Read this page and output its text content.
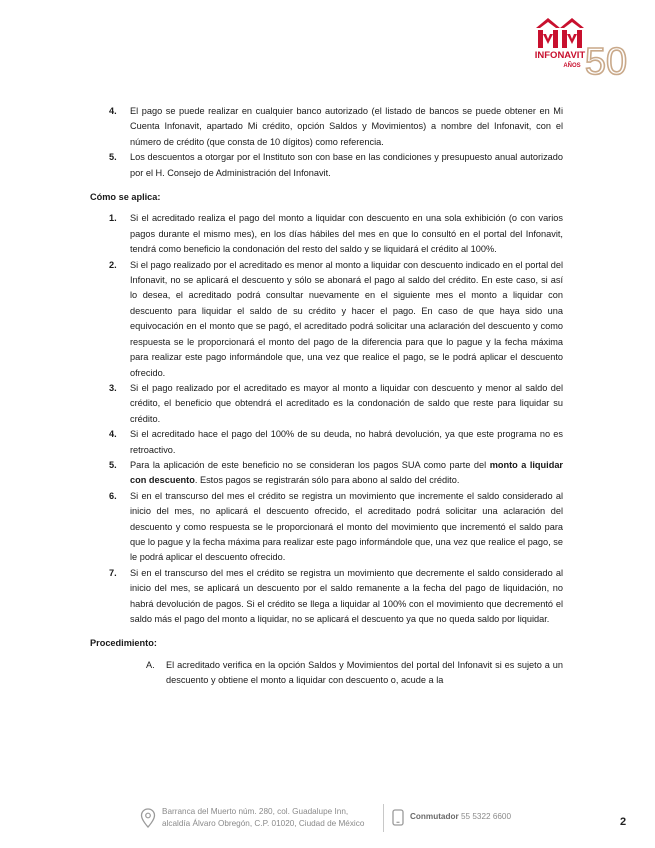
INFONAVIT
AÑOS 50
4. El pago se puede realizar en cualquier banco autorizado (el listado de bancos se puede obtener en Mi Cuenta Infonavit, apartado Mi crédito, opción Saldos y Movimientos) a nombre del Infonavit, con el número de crédito (que consta de 10 dígitos) como referencia.
5. Los descuentos a otorgar por el Instituto son con base en las condiciones y presupuesto anual autorizado por el H. Consejo de Administración del Infonavit.
Cómo se aplica:
1. Si el acreditado realiza el pago del monto a liquidar con descuento en una sola exhibición (o con varios pagos durante el mismo mes), en los días hábiles del mes en que lo consultó en el portal del Infonavit, tendrá como beneficio la condonación del resto del saldo y se liquidará el crédito al 100%.
2. Si el pago realizado por el acreditado es menor al monto a liquidar con descuento indicado en el portal del Infonavit, no se aplicará el descuento y sólo se abonará el pago al saldo del crédito. En este caso, si así lo desea, el acreditado podrá consultar nuevamente en el siguiente mes el monto a liquidar con descuento para liquidar el saldo de su crédito y hacer el pago. En caso de que haya sido una equivocación en el monto que se pagó, el acreditado podrá solicitar una aclaración del descuento y como respuesta se le proporcionará el monto del pago de la diferencia para que lo pague y la fecha máxima para realizar este pago informándole que, una vez que realice el pago, se le podrá aplicar el descuento ofrecido.
3. Si el pago realizado por el acreditado es mayor al monto a liquidar con descuento y menor al saldo del crédito, el beneficio que obtendrá el acreditado es la condonación de saldo que reste para liquidar su crédito.
4. Si el acreditado hace el pago del 100% de su deuda, no habrá devolución, ya que este programa no es retroactivo.
5. Para la aplicación de este beneficio no se consideran los pagos SUA como parte del monto a liquidar con descuento. Estos pagos se registrarán sólo para abono al saldo del crédito.
6. Si en el transcurso del mes el crédito se registra un movimiento que incremente el saldo considerado al inicio del mes, no aplicará el descuento ofrecido, el acreditado podrá solicitar una aclaración del descuento y como respuesta se le proporcionará el monto del movimiento que incrementó el saldo para que lo pague y la fecha máxima para realizar este pago informándole que, una vez que realice el pago, se le podrá aplicar el descuento ofrecido.
7. Si en el transcurso del mes el crédito se registra un movimiento que decremente el saldo considerado al inicio del mes, se aplicará un descuento por el saldo remanente a la fecha del pago de liquidación, no habrá devolución de pagos. Si el crédito se llega a liquidar al 100% con el movimiento que decrementó el saldo más el pago del monto a liquidar, no se aplicará el descuento ya que no queda saldo por liquidar.
Procedimiento:
A. El acreditado verifica en la opción Saldos y Movimientos del portal del Infonavit si es sujeto a un descuento y obtiene el monto a liquidar con descuento o, acude a la
Barranca del Muerto núm. 280, col. Guadalupe Inn,
alcaldía Álvaro Obregón, C.P. 01020, Ciudad de México
Conmutador 55 5322 6600	2
